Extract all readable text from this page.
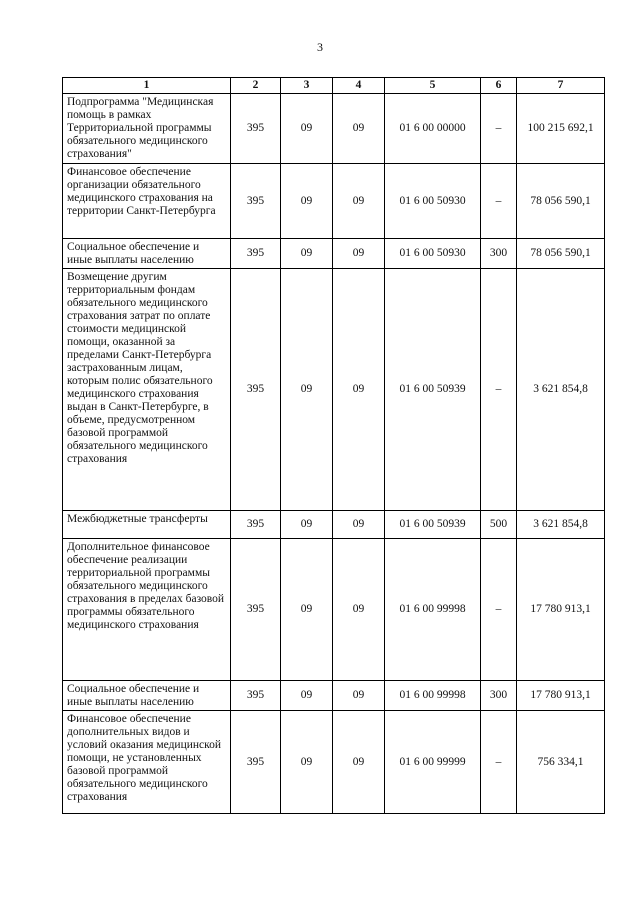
3
1	2	3	4	5	6	7
Подпрограмма "Медицинская помощь в рамках Территориальной программы обязательного медицинского страхования"	395	09	09	01 6 00 00000	–	100 215 692,1
Финансовое обеспечение организации обязательного медицинского страхования на территории Санкт-Петербурга	395	09	09	01 6 00 50930	–	78 056 590,1
Социальное обеспечение и иные выплаты населению	395	09	09	01 6 00 50930	300	78 056 590,1
Возмещение другим территориальным фондам обязательного медицинского страхования затрат по оплате стоимости медицинской помощи, оказанной за пределами Санкт-Петербурга застрахованным лицам, которым полис обязательного медицинского страхования выдан в Санкт-Петербурге, в объеме, предусмотренном базовой программой обязательного медицинского страхования	395	09	09	01 6 00 50939	–	3 621 854,8
Межбюджетные трансферты	395	09	09	01 6 00 50939	500	3 621 854,8
Дополнительное финансовое обеспечение реализации территориальной программы обязательного медицинского страхования в пределах базовой программы обязательного медицинского страхования	395	09	09	01 6 00 99998	–	17 780 913,1
Социальное обеспечение и иные выплаты населению	395	09	09	01 6 00 99998	300	17 780 913,1
Финансовое обеспечение дополнительных видов и условий оказания медицинской помощи, не установленных базовой программой обязательного медицинского страхования	395	09	09	01 6 00 99999	–	756 334,1
